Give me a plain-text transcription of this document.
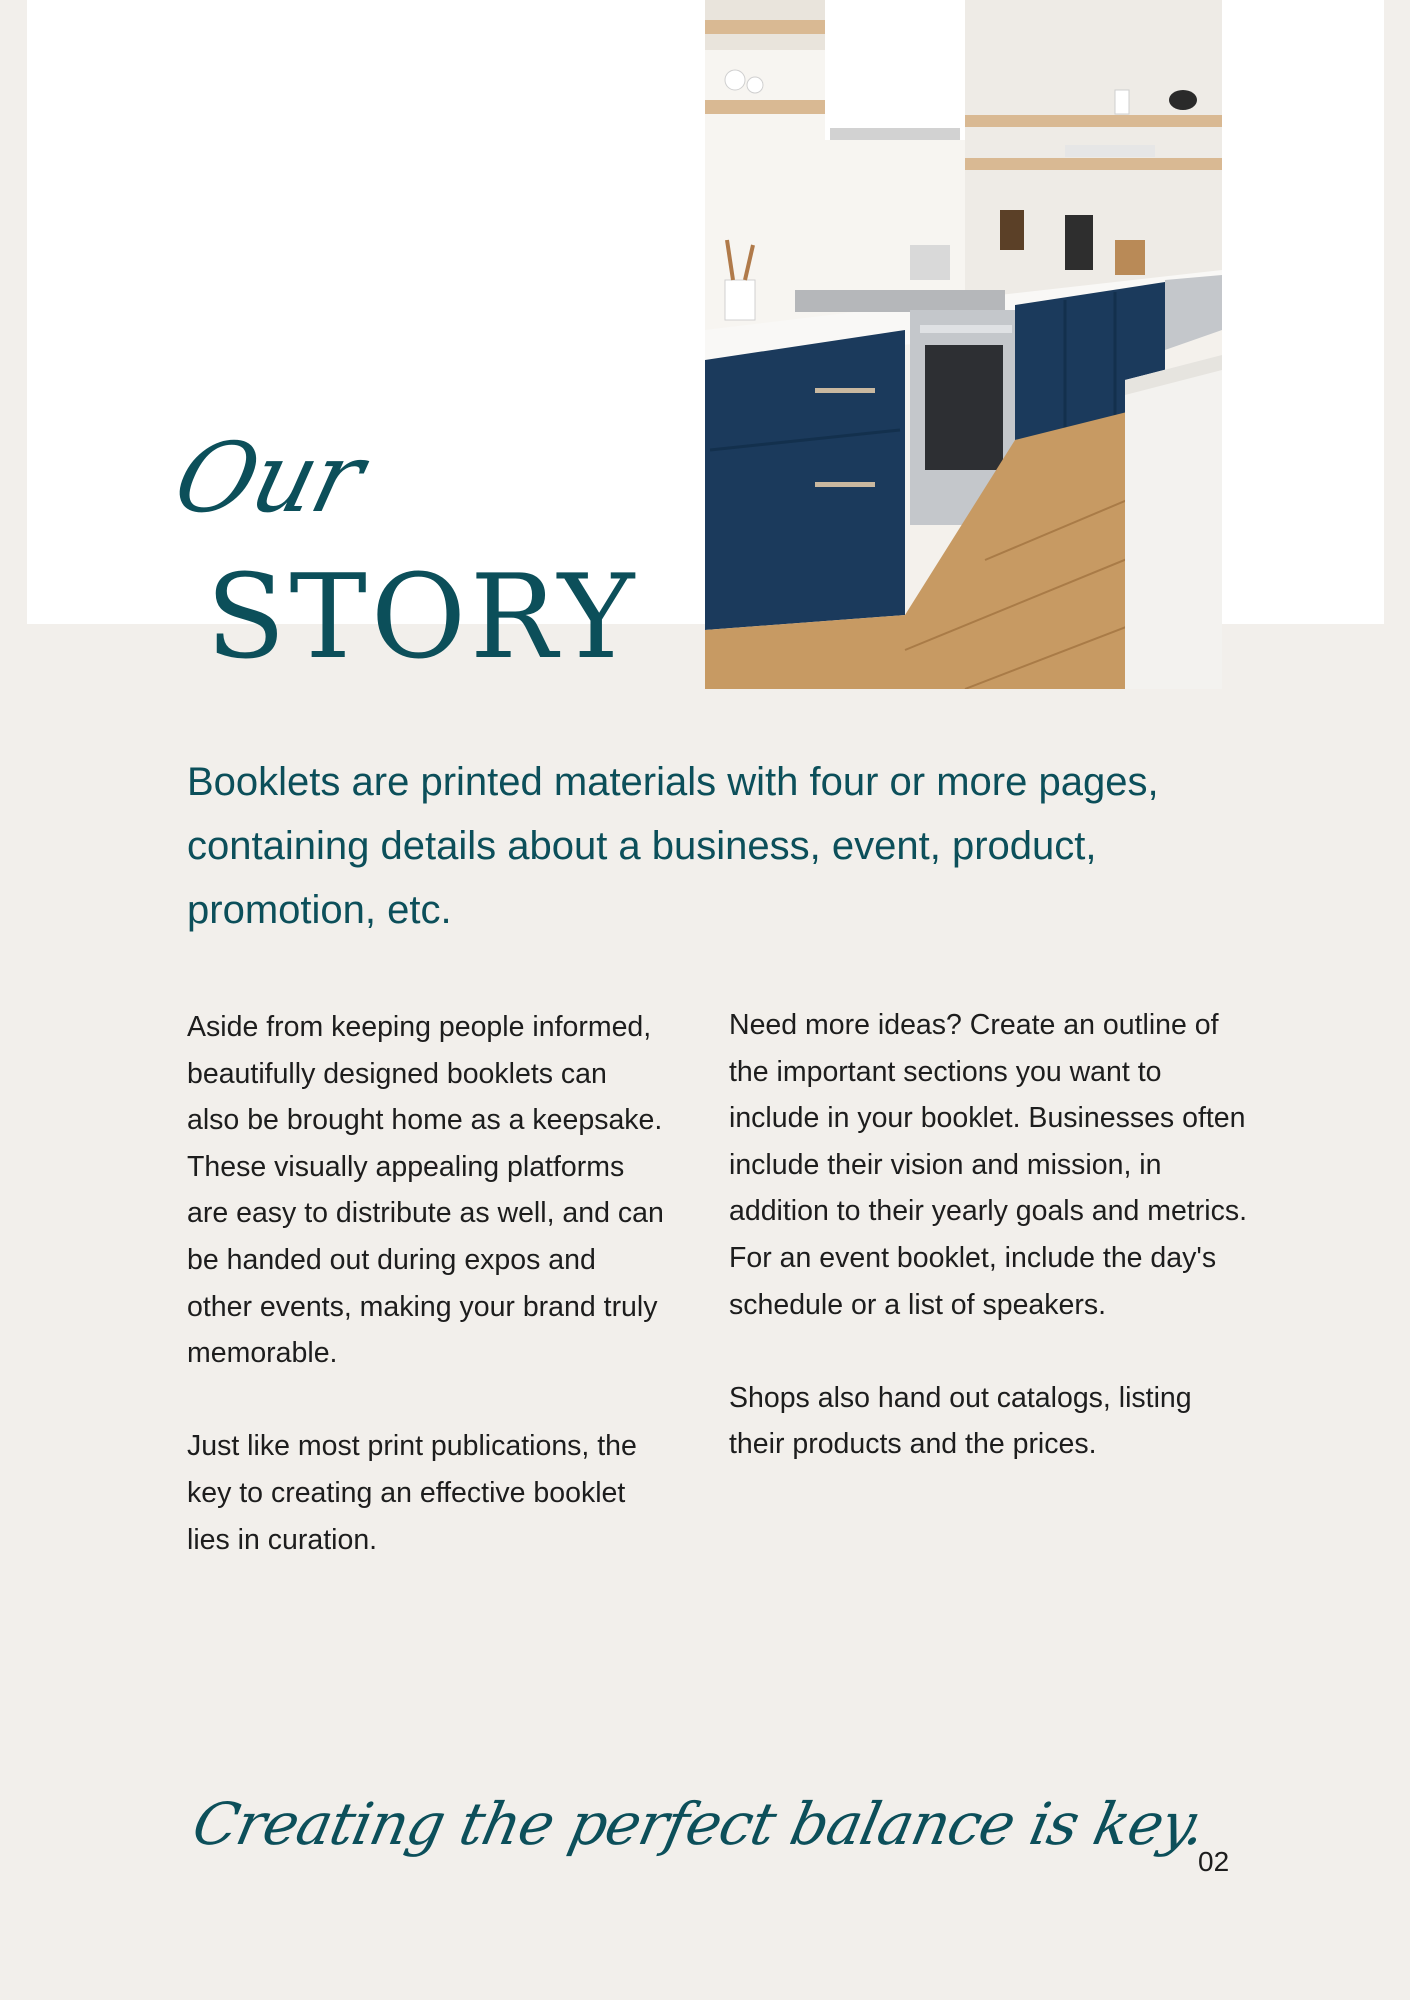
Our
STORY
Booklets are printed materials with four or more pages, containing details about a business, event, product, promotion, etc.

Aside from keeping people informed, beautifully designed booklets can also be brought home as a keepsake. These visually appealing platforms are easy to distribute as well, and can be handed out during expos and other events, making your brand truly memorable.

Just like most print publications, the key to creating an effective booklet lies in curation.

Need more ideas? Create an outline of the important sections you want to include in your booklet. Businesses often include their vision and mission, in addition to their yearly goals and metrics. For an event booklet, include the day's schedule or a list of speakers.

Shops also hand out catalogs, listing their products and the prices.

Creating the perfect balance is key.
02
